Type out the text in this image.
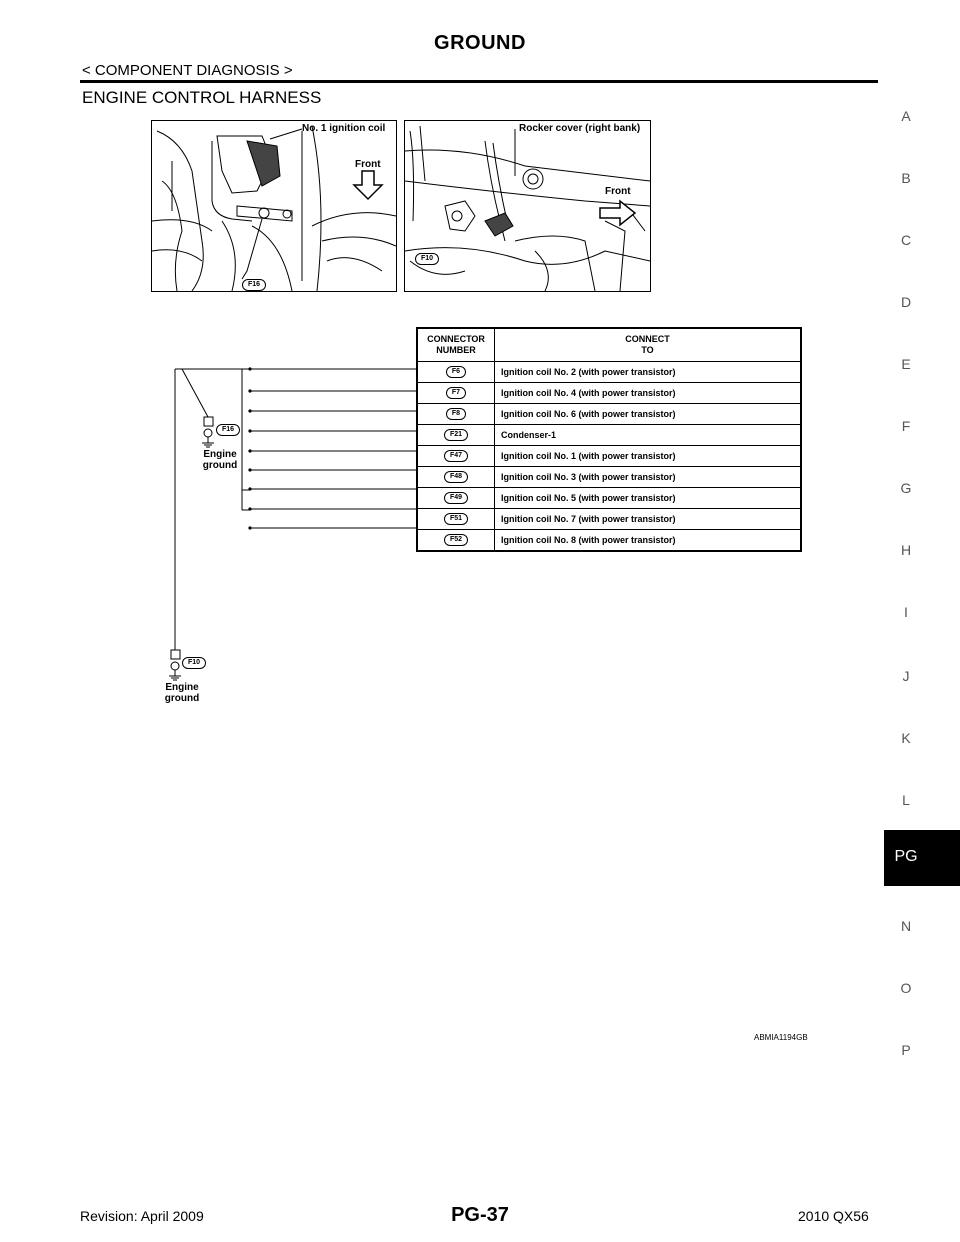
GROUND
< COMPONENT DIAGNOSIS >
ENGINE CONTROL HARNESS
A
B
C
D
E
F
G
H
I
J
K
L
PG
N
O
P
No. 1 ignition coil
Front
F16
Rocker cover (right bank)
Front
F10
F16
Engine
ground
F10
Engine
ground
CONNECTOR
NUMBER
CONNECT
TO
F6	Ignition coil No. 2 (with power transistor)
F7	Ignition coil No. 4 (with power transistor)
F8	Ignition coil No. 6 (with power transistor)
F21	Condenser-1
F47	Ignition coil No. 1 (with power transistor)
F48	Ignition coil No. 3 (with power transistor)
F49	Ignition coil No. 5 (with power transistor)
F51	Ignition coil No. 7 (with power transistor)
F52	Ignition coil No. 8 (with power transistor)
ABMIA1194GB
Revision: April 2009	PG-37	2010 QX56
